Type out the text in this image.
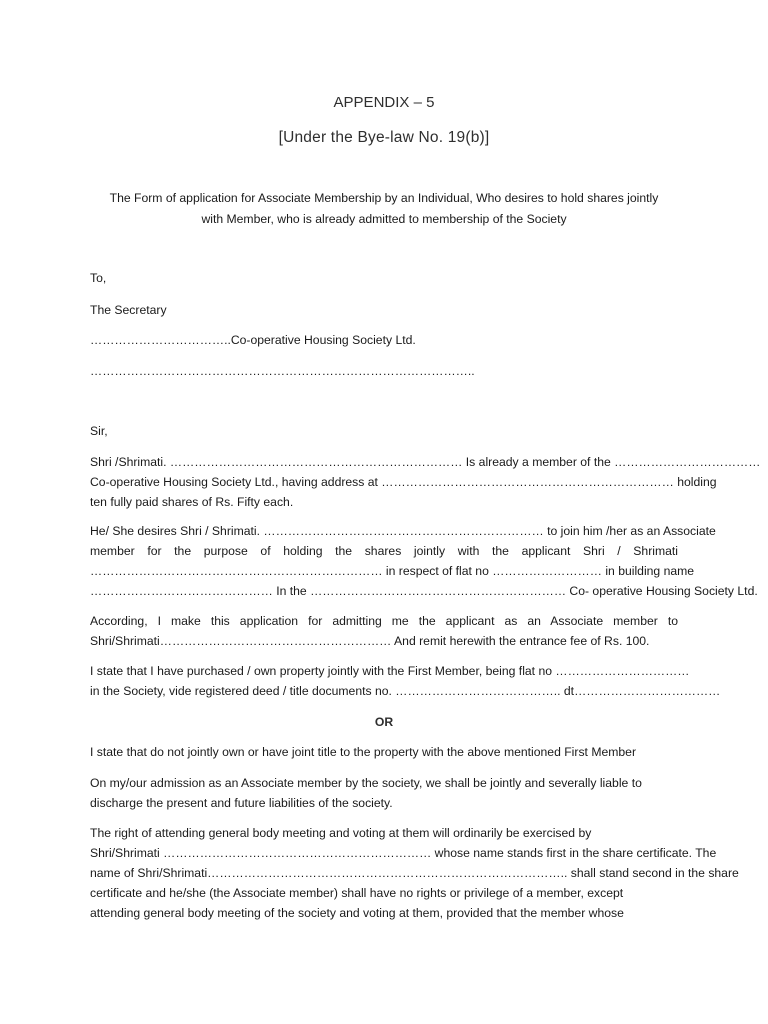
APPENDIX – 5
[Under the Bye-law No. 19(b)]
The Form of application for Associate Membership by an Individual, Who desires to hold shares jointly
with Member, who is already admitted to membership of the Society

To,

The Secretary

……………………………..Co-operative Housing Society Ltd.

…………………………………………………………………………………..

Sir,

Shri /Shrimati. ……………………………………………………………… Is already a member of the ………………………………
Co-operative Housing Society Ltd., having address at ……………………………………………………………… holding
ten fully paid shares of Rs. Fifty each.
He/ She desires Shri / Shrimati. …………………………………………………………… to join him /her as an Associate
member for the purpose of holding the shares jointly with the applicant Shri / Shrimati
……………………………………………………………… in respect of flat no ……………………… in building name
……………………………………… In the ……………………………………………………… Co- operative Housing Society Ltd.
According, I make this application for admitting me the applicant as an Associate member to
Shri/Shrimati………………………………………………… And remit herewith the entrance fee of Rs. 100.
I state that I have purchased / own property jointly with the First Member, being flat no ……………………………
in the Society, vide registered deed / title documents no. ………………………………….. dt………………………………
OR

I state that do not jointly own or have joint title to the property with the above mentioned First Member

On my/our admission as an Associate member by the society, we shall be jointly and severally liable to

discharge the present and future liabilities of the society.

The right of attending general body meeting and voting at them will ordinarily be exercised by
Shri/Shrimati ………………………………………………………… whose name stands first in the share certificate. The
name of Shri/Shrimati…………………………………………………………………………….. shall stand second in the share
certificate and he/she (the Associate member) shall have no rights or privilege of a member, except
attending general body meeting of the society and voting at them, provided that the member whose
